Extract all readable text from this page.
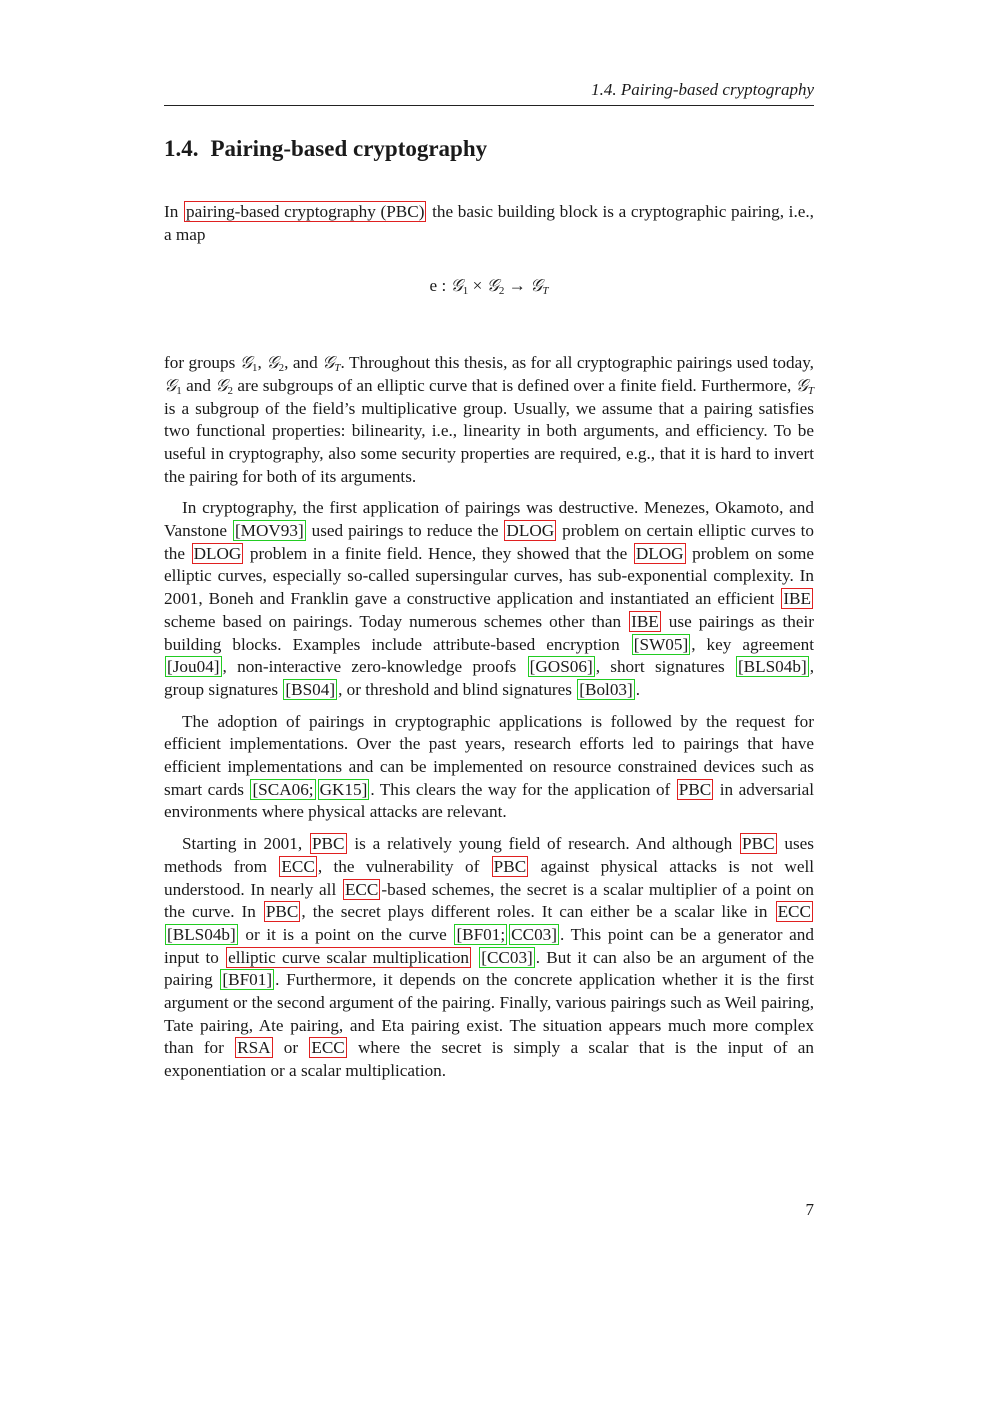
1.4. Pairing-based cryptography
1.4. Pairing-based cryptography

In pairing-based cryptography (PBC) the basic building block is a cryptographic pairing, i.e., a map

e : 𝒢$_1$ × 𝒢$_2$ → 𝒢$_T$

for groups 𝒢$_1$, 𝒢$_2$, and 𝒢$_T$. Throughout this thesis, as for all cryptographic pairings used today, 𝒢$_1$ and 𝒢$_2$ are subgroups of an elliptic curve that is defined over a finite field. Furthermore, 𝒢$_T$ is a subgroup of the field’s multiplicative group. Usually, we assume that a pairing satisfies two functional properties: bilinearity, i.e., linearity in both arguments, and efficiency. To be useful in cryptography, also some security properties are required, e.g., that it is hard to invert the pairing for both of its arguments.

In cryptography, the first application of pairings was destructive. Menezes, Okamoto, and Vanstone [MOV93] used pairings to reduce the DLOG problem on certain elliptic curves to the DLOG problem in a finite field. Hence, they showed that the DLOG problem on some elliptic curves, especially so-called supersingular curves, has sub-exponential complexity. In 2001, Boneh and Franklin gave a constructive application and instantiated an efficient IBE scheme based on pairings. Today numerous schemes other than IBE use pairings as their building blocks. Examples include attribute-based encryption [SW05] , key agreement [Jou04] , non-interactive zero-knowledge proofs [GOS06] , short signatures [BLS04b] , group signatures [BS04] , or threshold and blind signatures [Bol03] .

The adoption of pairings in cryptographic applications is followed by the request for efficient implementations. Over the past years, research efforts led to pairings that have efficient implementations and can be implemented on resource constrained devices such as smart cards [SCA06; GK15] . This clears the way for the application of PBC in adversarial environments where physical attacks are relevant.

Starting in 2001, PBC is a relatively young field of research. And although PBC uses methods from ECC , the vulnerability of PBC against physical attacks is not well understood. In nearly all ECC -based schemes, the secret is a scalar multiplier of a point on the curve. In PBC , the secret plays different roles. It can either be a scalar like in ECC [BLS04b] or it is a point on the curve [BF01; CC03] . This point can be a generator and input to elliptic curve scalar multiplication [CC03] . But it can also be an argument of the pairing [BF01] . Furthermore, it depends on the concrete application whether it is the first argument or the second argument of the pairing. Finally, various pairings such as Weil pairing, Tate pairing, Ate pairing, and Eta pairing exist. The situation appears much more complex than for RSA or ECC where the secret is simply a scalar that is the input of an exponentiation or a scalar multiplication.

7
